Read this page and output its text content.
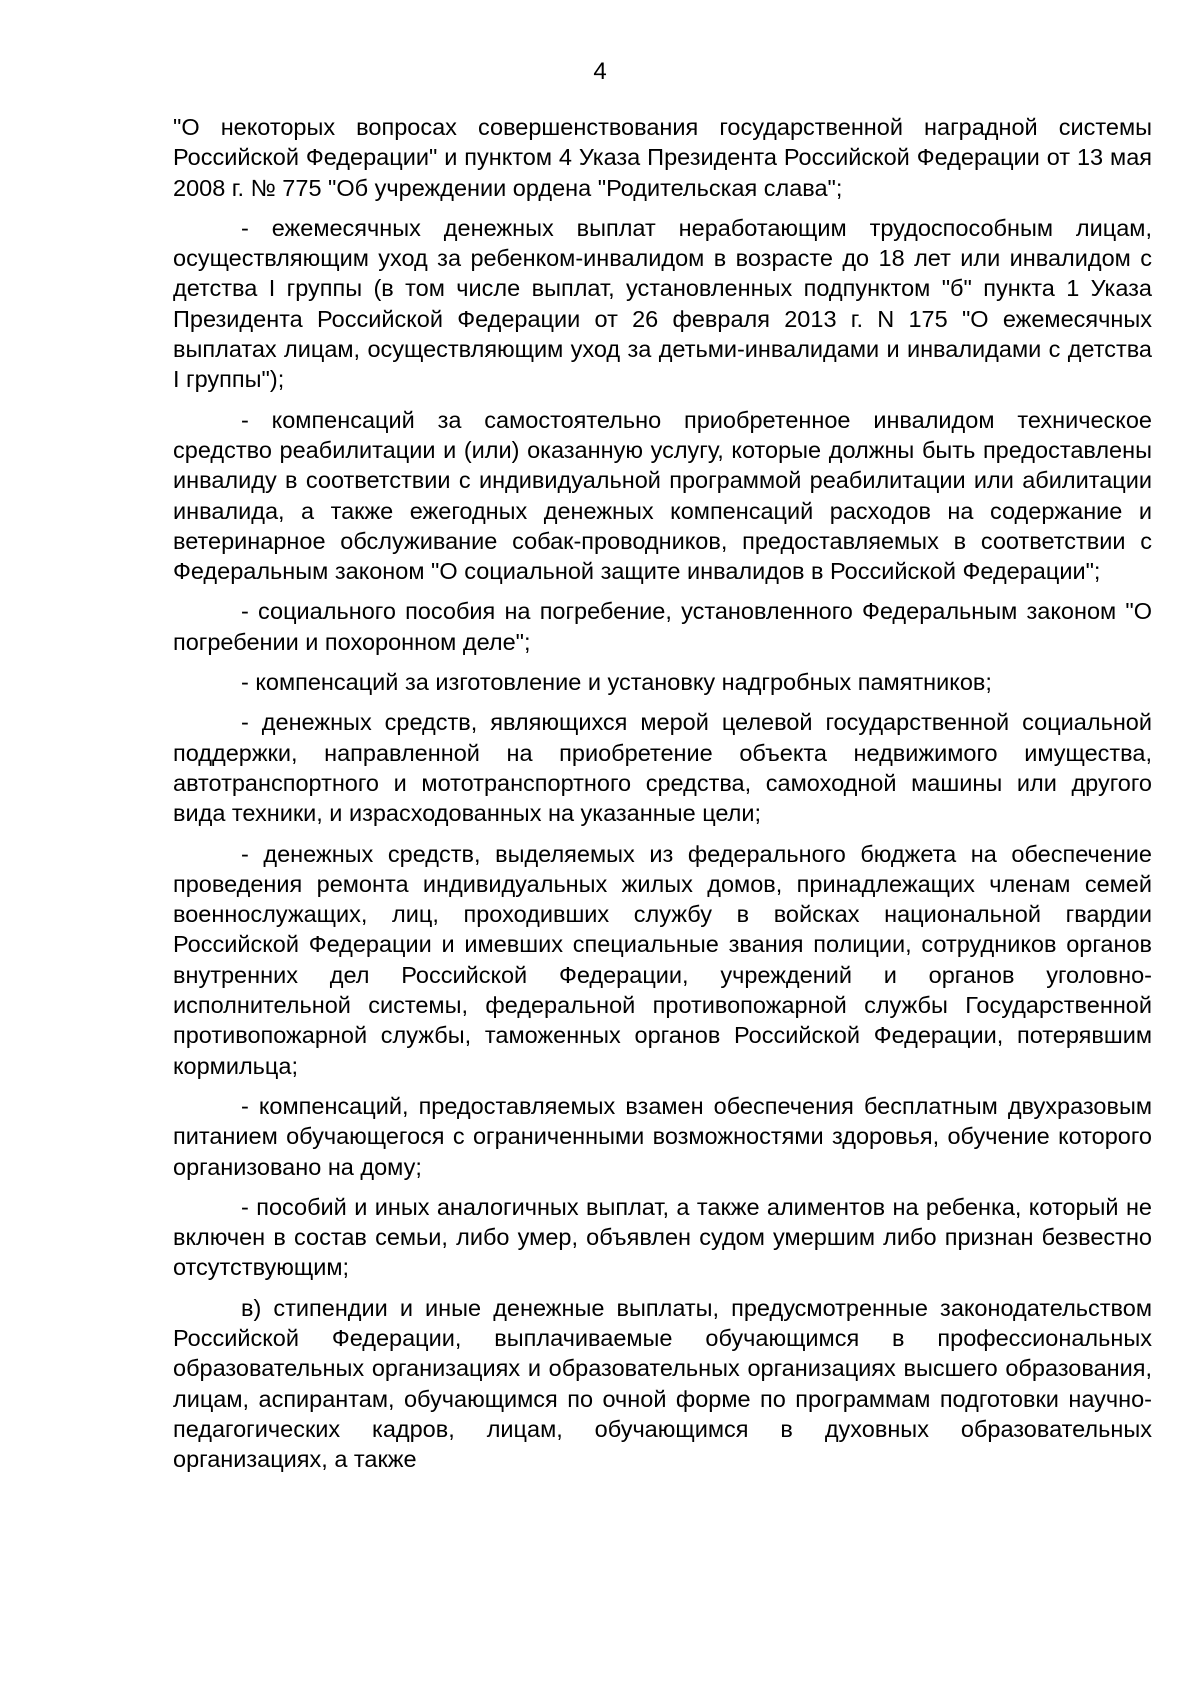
4

"О некоторых вопросах совершенствования государственной наградной системы Российской Федерации" и пунктом 4 Указа Президента Российской Федерации от 13 мая 2008 г. № 775 "Об учреждении ордена "Родительская слава";

- ежемесячных денежных выплат неработающим трудоспособным лицам, осуществляющим уход за ребенком-инвалидом в возрасте до 18 лет или инвалидом с детства I группы (в том числе выплат, установленных подпунктом "б" пункта 1 Указа Президента Российской Федерации от 26 февраля 2013 г. N 175 "О ежемесячных выплатах лицам, осуществляющим уход за детьми-инвалидами и инвалидами с детства I группы");

- компенсаций за самостоятельно приобретенное инвалидом техническое средство реабилитации и (или) оказанную услугу, которые должны быть предоставлены инвалиду в соответствии с индивидуальной программой реабилитации или абилитации инвалида, а также ежегодных денежных компенсаций расходов на содержание и ветеринарное обслуживание собак-проводников, предоставляемых в соответствии с Федеральным законом "О социальной защите инвалидов в Российской Федерации";

- социального пособия на погребение, установленного Федеральным законом "О погребении и похоронном деле";

- компенсаций за изготовление и установку надгробных памятников;

- денежных средств, являющихся мерой целевой государственной социальной поддержки, направленной на приобретение объекта недвижимого имущества, автотранспортного и мототранспортного средства, самоходной машины или другого вида техники, и израсходованных на указанные цели;

- денежных средств, выделяемых из федерального бюджета на обеспечение проведения ремонта индивидуальных жилых домов, принадлежащих членам семей военнослужащих, лиц, проходивших службу в войсках национальной гвардии Российской Федерации и имевших специальные звания полиции, сотрудников органов внутренних дел Российской Федерации, учреждений и органов уголовно-исполнительной системы, федеральной противопожарной службы Государственной противопожарной службы, таможенных органов Российской Федерации, потерявшим кормильца;

- компенсаций, предоставляемых взамен обеспечения бесплатным двухразовым питанием обучающегося с ограниченными возможностями здоровья, обучение которого организовано на дому;

- пособий и иных аналогичных выплат, а также алиментов на ребенка, который не включен в состав семьи, либо умер, объявлен судом умершим либо признан безвестно отсутствующим;

в) стипендии и иные денежные выплаты, предусмотренные законодательством Российской Федерации, выплачиваемые обучающимся в профессиональных образовательных организациях и образовательных организациях высшего образования, лицам, аспирантам, обучающимся по очной форме по программам подготовки научно-педагогических кадров, лицам, обучающимся в духовных образовательных организациях, а также
